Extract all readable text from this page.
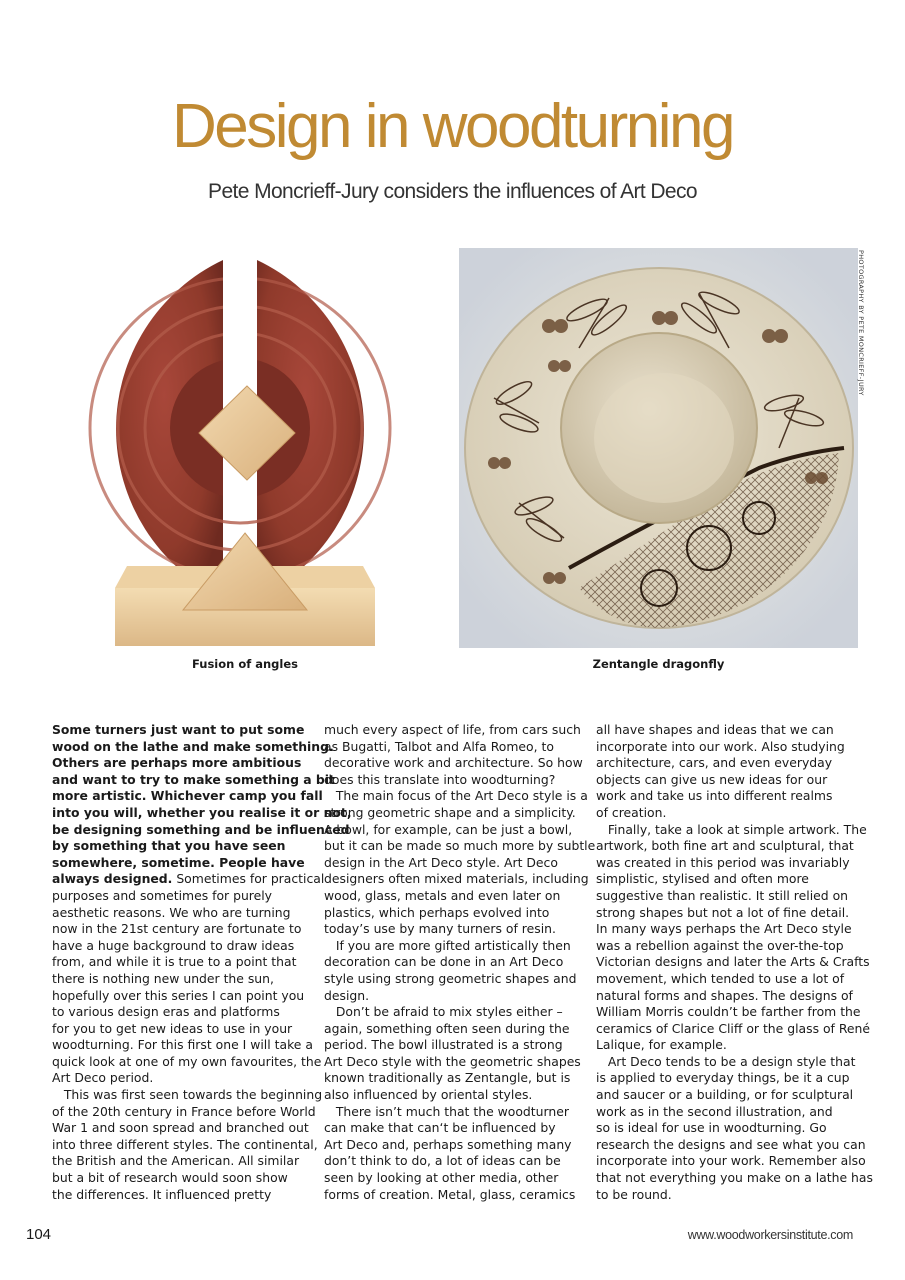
Design in woodturning
Pete Moncrieff-Jury considers the influences of Art Deco
PHOTOGRAPHY BY PETE MONCRIEFF-JURY
Fusion of angles	Zentangle dragonfly
Some turners just want to put some
wood on the lathe and make something.
Others are perhaps more ambitious
and want to try to make something a bit
more artistic. Whichever camp you fall
into you will, whether you realise it or not,
be designing something and be influenced
by something that you have seen
somewhere, sometime. People have
always designed. Sometimes for practical
purposes and sometimes for purely
aesthetic reasons. We who are turning
now in the 21st century are fortunate to
have a huge background to draw ideas
from, and while it is true to a point that
there is nothing new under the sun,
hopefully over this series I can point you
to various design eras and platforms
for you to get new ideas to use in your
woodturning. For this first one I will take a
quick look at one of my own favourites, the
Art Deco period.
This was first seen towards the beginning
of the 20th century in France before World
War 1 and soon spread and branched out
into three different styles. The continental,
the British and the American. All similar
but a bit of research would soon show
the differences. It influenced pretty
much every aspect of life, from cars such
as Bugatti, Talbot and Alfa Romeo, to
decorative work and architecture. So how
does this translate into woodturning?
The main focus of the Art Deco style is a
strong geometric shape and a simplicity.
A bowl, for example, can be just a bowl,
but it can be made so much more by subtle
design in the Art Deco style. Art Deco
designers often mixed materials, including
wood, glass, metals and even later on
plastics, which perhaps evolved into
today’s use by many turners of resin.
If you are more gifted artistically then
decoration can be done in an Art Deco
style using strong geometric shapes and
design.
Don’t be afraid to mix styles either –
again, something often seen during the
period. The bowl illustrated is a strong
Art Deco style with the geometric shapes
known traditionally as Zentangle, but is
also influenced by oriental styles.
There isn’t much that the woodturner
can make that can‘t be influenced by
Art Deco and, perhaps something many
don’t think to do, a lot of ideas can be
seen by looking at other media, other
forms of creation. Metal, glass, ceramics
all have shapes and ideas that we can
incorporate into our work. Also studying
architecture, cars, and even everyday
objects can give us new ideas for our
work and take us into different realms
of creation.
Finally, take a look at simple artwork. The
artwork, both fine art and sculptural, that
was created in this period was invariably
simplistic, stylised and often more
suggestive than realistic. It still relied on
strong shapes but not a lot of fine detail.
In many ways perhaps the Art Deco style
was a rebellion against the over-the-top
Victorian designs and later the Arts & Crafts
movement, which tended to use a lot of
natural forms and shapes. The designs of
William Morris couldn’t be farther from the
ceramics of Clarice Cliff or the glass of René
Lalique, for example.
Art Deco tends to be a design style that
is applied to everyday things, be it a cup
and saucer or a building, or for sculptural
work as in the second illustration, and
so is ideal for use in woodturning. Go
research the designs and see what you can
incorporate into your work. Remember also
that not everything you make on a lathe has
to be round.
104	www.woodworkersinstitute.com
